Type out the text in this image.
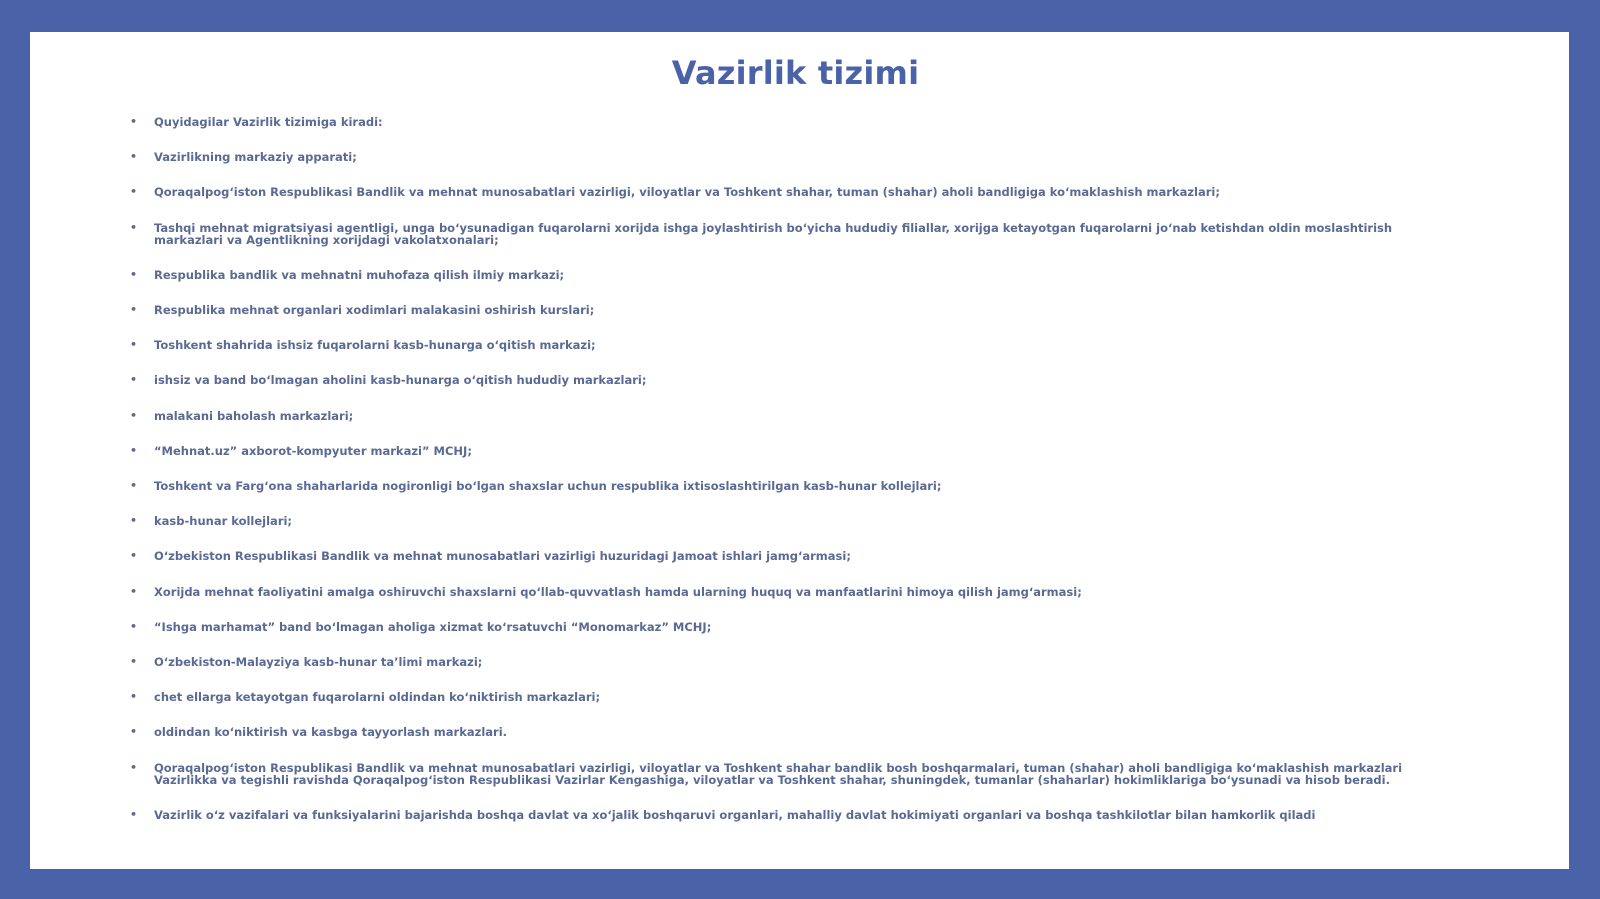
Vazirlik tizimi
•	Quyidagilar Vazirlik tizimiga kiradi:
•	Vazirlikning markaziy apparati;
•	Qoraqalpog‘iston Respublikasi Bandlik va mehnat munosabatlari vazirligi, viloyatlar va Toshkent shahar, tuman (shahar) aholi bandligiga ko‘maklashish markazlari;
•	Tashqi mehnat migratsiyasi agentligi, unga bo‘ysunadigan fuqarolarni xorijda ishga joylashtirish bo‘yicha hududiy filiallar, xorijga ketayotgan fuqarolarni jo‘nab ketishdan oldin moslashtirish markazlari va Agentlikning xorijdagi vakolatxonalari;
•	Respublika bandlik va mehnatni muhofaza qilish ilmiy markazi;
•	Respublika mehnat organlari xodimlari malakasini oshirish kurslari;
•	Toshkent shahrida ishsiz fuqarolarni kasb-hunarga o‘qitish markazi;
•	ishsiz va band bo‘lmagan aholini kasb-hunarga o‘qitish hududiy markazlari;
•	malakani baholash markazlari;
•	“Mehnat.uz” axborot-kompyuter markazi” MCHJ;
•	Toshkent va Farg‘ona shaharlarida nogironligi bo‘lgan shaxslar uchun respublika ixtisoslashtirilgan kasb-hunar kollejlari;
•	kasb-hunar kollejlari;
•	O‘zbekiston Respublikasi Bandlik va mehnat munosabatlari vazirligi huzuridagi Jamoat ishlari jamg‘armasi;
•	Xorijda mehnat faoliyatini amalga oshiruvchi shaxslarni qo‘llab-quvvatlash hamda ularning huquq va manfaatlarini himoya qilish jamg‘armasi;
•	“Ishga marhamat” band bo‘lmagan aholiga xizmat ko‘rsatuvchi “Monomarkaz” MCHJ;
•	O‘zbekiston-Malayziya kasb-hunar ta’limi markazi;
•	chet ellarga ketayotgan fuqarolarni oldindan ko‘niktirish markazlari;
•	oldindan ko‘niktirish va kasbga tayyorlash markazlari.
•	Qoraqalpog‘iston Respublikasi Bandlik va mehnat munosabatlari vazirligi, viloyatlar va Toshkent shahar bandlik bosh boshqarmalari, tuman (shahar) aholi bandligiga ko‘maklashish markazlari Vazirlikka va tegishli ravishda Qoraqalpog‘iston Respublikasi Vazirlar Kengashiga, viloyatlar va Toshkent shahar, shuningdek, tumanlar (shaharlar) hokimliklariga bo‘ysunadi va hisob beradi.
•	Vazirlik o‘z vazifalari va funksiyalarini bajarishda boshqa davlat va xo‘jalik boshqaruvi organlari, mahalliy davlat hokimiyati organlari va boshqa tashkilotlar bilan hamkorlik qiladi
